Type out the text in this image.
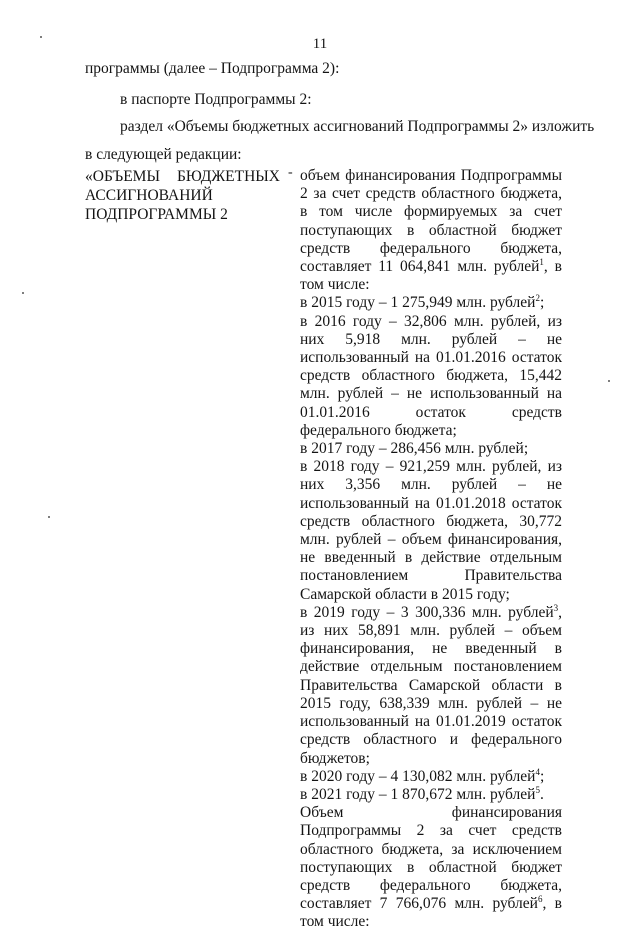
11
программы (далее – Подпрограмма 2):
в паспорте Подпрограммы 2:
раздел «Объемы бюджетных ассигнований Подпрограммы 2» изложить
в следующей редакции:
«ОБЪЕМЫ БЮДЖЕТНЫХ АССИГНОВАНИЙ ПОДПРОГРАММЫ 2
- объем финансирования Подпрограммы 2 за счет средств областного бюджета, в том числе формируемых за счет поступающих в областной бюджет средств федерального бюджета, составляет 11 064,841 млн. рублей$^1$, в том числе:

в 2015 году – 1 275,949 млн. рублей$^2$;

в 2016 году – 32,806 млн. рублей, из них 5,918 млн. рублей – не использованный на 01.01.2016 остаток средств областного бюджета, 15,442 млн. рублей – не использованный на 01.01.2016 остаток средств федерального бюджета;

в 2017 году – 286,456 млн. рублей;

в 2018 году – 921,259 млн. рублей, из них 3,356 млн. рублей – не использованный на 01.01.2018 остаток средств областного бюджета, 30,772 млн. рублей – объем финансирования, не введенный в действие отдельным постановлением Правительства Самарской области в 2015 году;

в 2019 году – 3 300,336 млн. рублей$^3$, из них 58,891 млн. рублей – объем финансирования, не введенный в действие отдельным постановлением Правительства Самарской области в 2015 году, 638,339 млн. рублей – не использованный на 01.01.2019 остаток средств областного и федерального бюджетов;

в 2020 году – 4 130,082 млн. рублей$^4$;

в 2021 году – 1 870,672 млн. рублей$^5$.

Объем финансирования Подпрограммы 2 за счет средств областного бюджета, за исключением поступающих в областной бюджет средств федерального бюджета, составляет 7 766,076 млн. рублей$^6$, в том числе:
